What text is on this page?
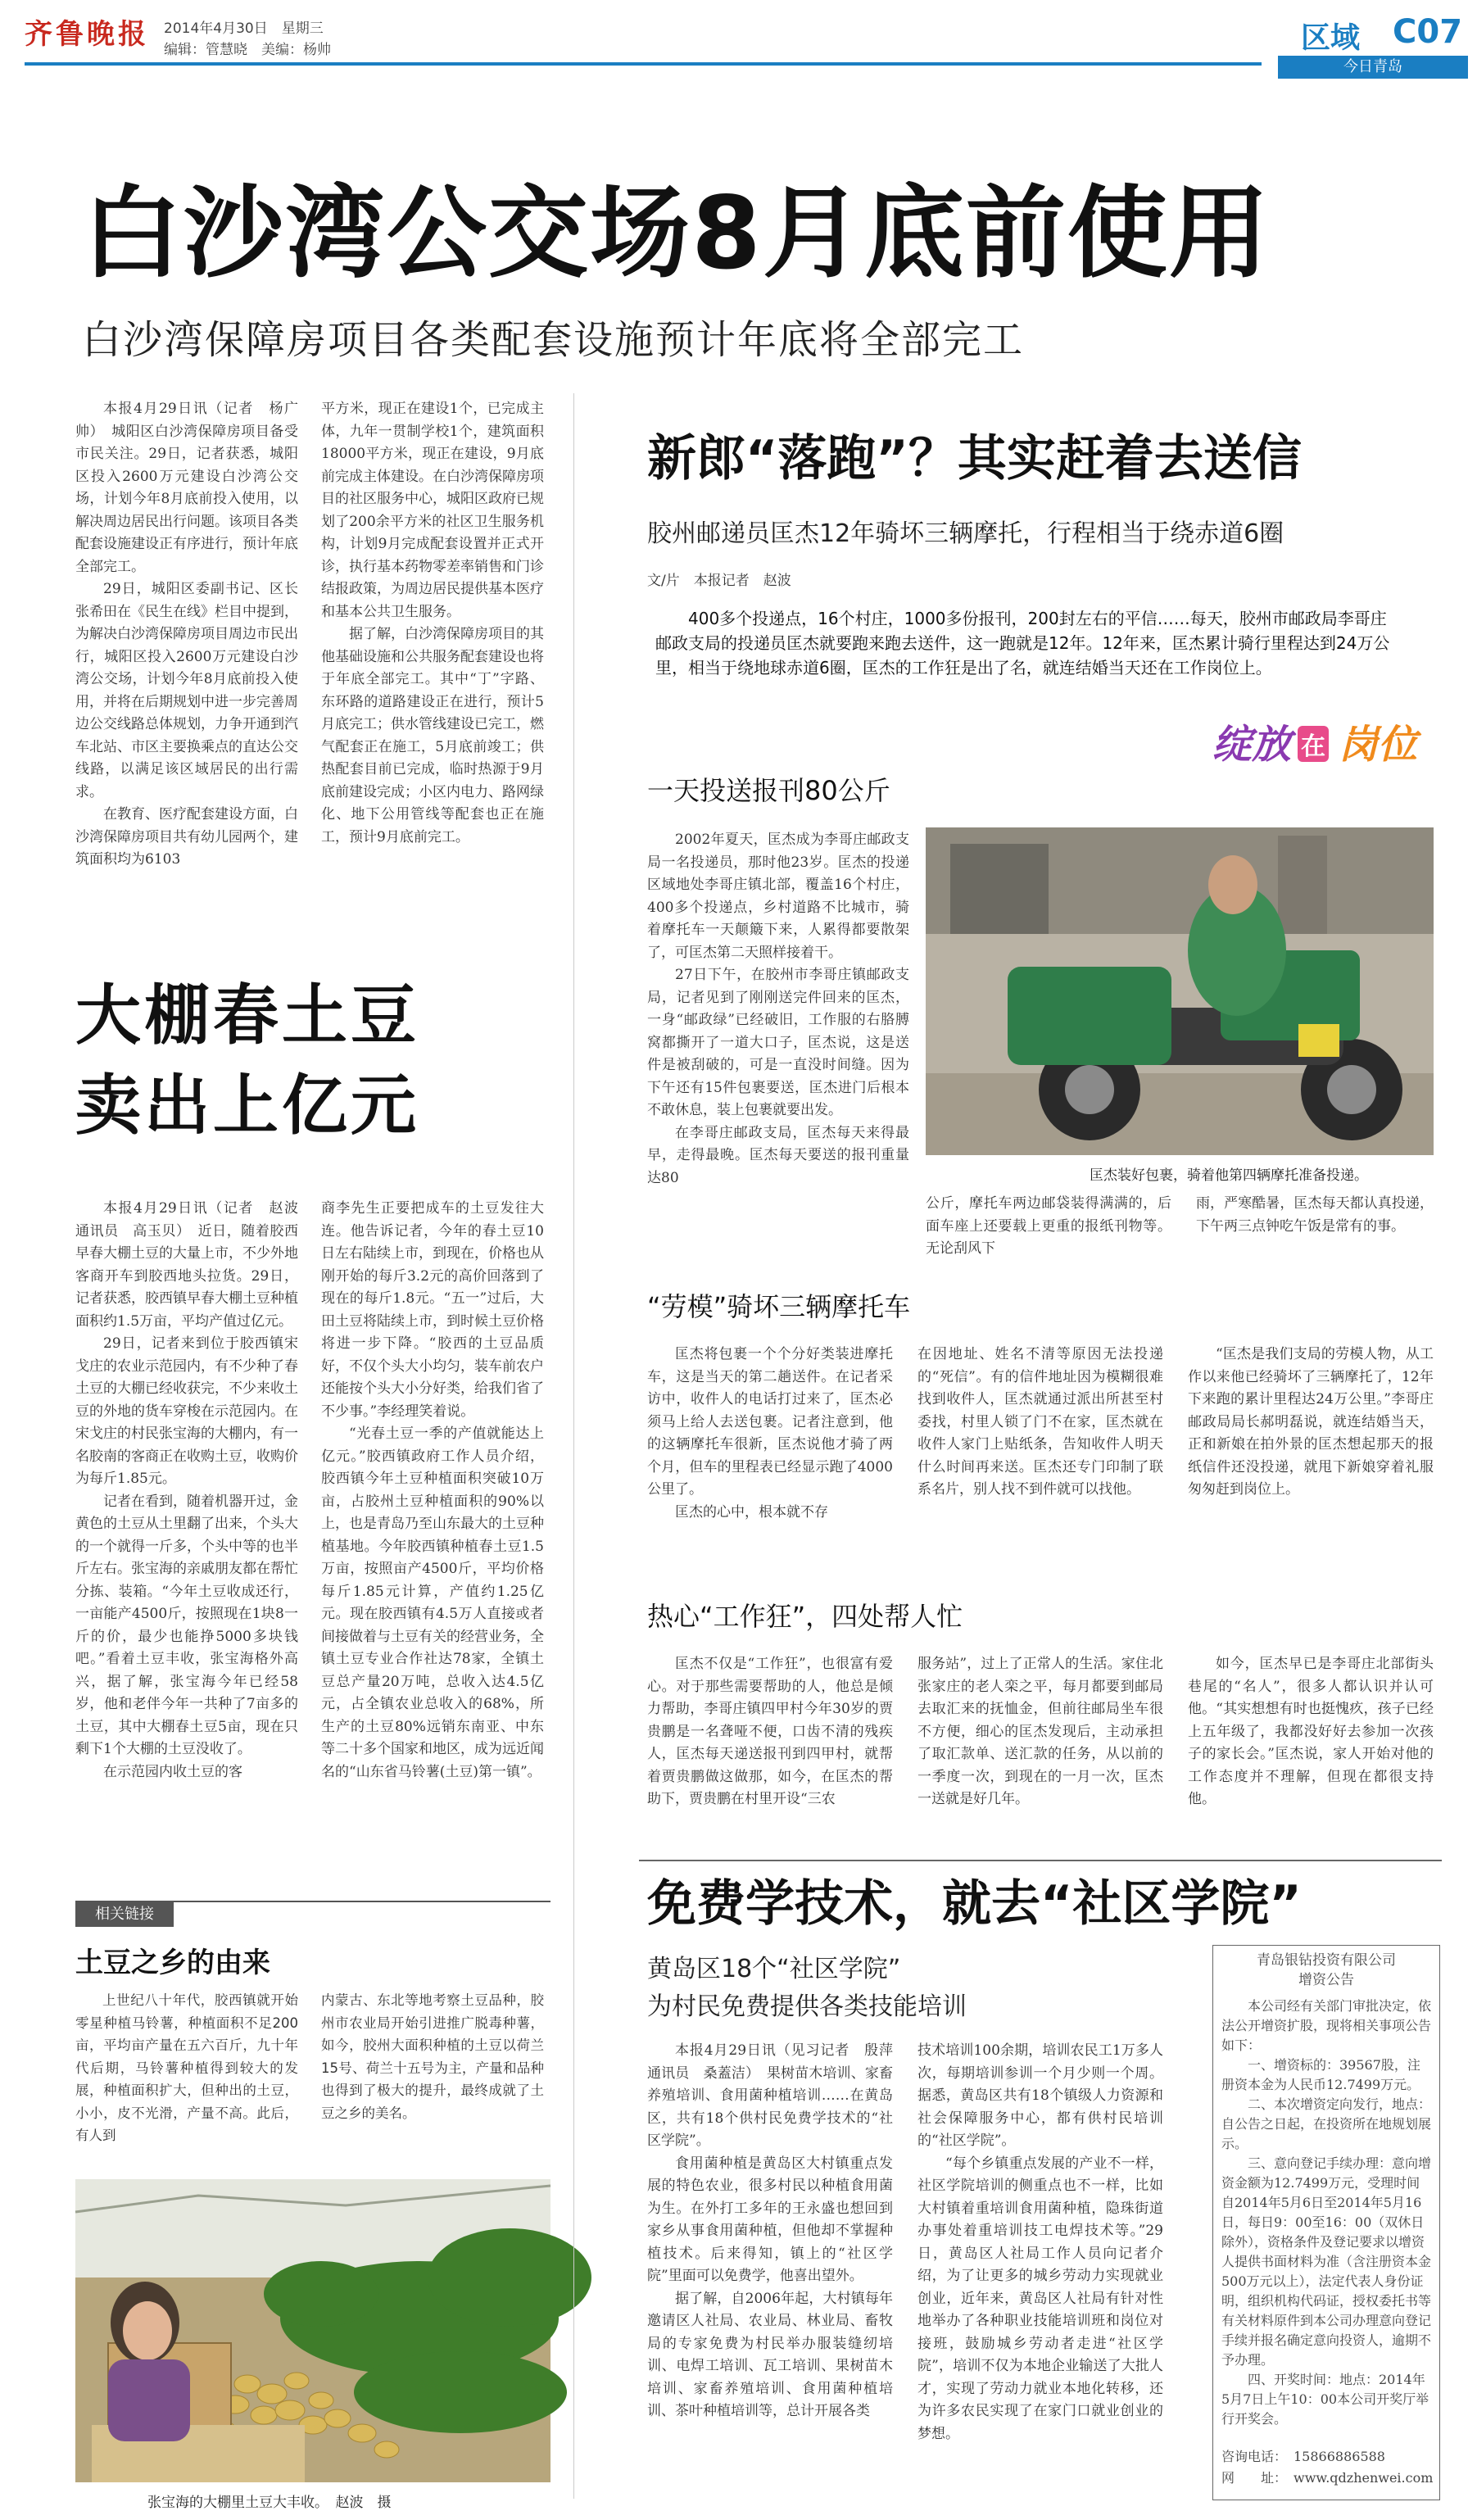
齐鲁晚报 2014年4月30日　星期三
编辑：管慧晓　美编：杨帅	区域 C07
今日青岛
白沙湾公交场8月底前使用
白沙湾保障房项目各类配套设施预计年底将全部完工

本报4月29日讯（记者　杨广帅）　城阳区白沙湾保障房项目备受市民关注。29日，记者获悉，城阳区投入2600万元建设白沙湾公交场，计划今年8月底前投入使用，以解决周边居民出行问题。该项目各类配套设施建设正有序进行，预计年底全部完工。

29日，城阳区委副书记、区长张希田在《民生在线》栏目中提到，为解决白沙湾保障房项目周边市民出行，城阳区投入2600万元建设白沙湾公交场，计划今年8月底前投入使用，并将在后期规划中进一步完善周边公交线路总体规划，力争开通到汽车北站、市区主要换乘点的直达公交线路，以满足该区域居民的出行需求。

在教育、医疗配套建设方面，白沙湾保障房项目共有幼儿园两个，建筑面积均为6103

平方米，现正在建设1个，已完成主体，九年一贯制学校1个，建筑面积18000平方米，现正在建设，9月底前完成主体建设。在白沙湾保障房项目的社区服务中心，城阳区政府已规划了200余平方米的社区卫生服务机构，计划9月完成配套设置并正式开诊，执行基本药物零差率销售和门诊结报政策，为周边居民提供基本医疗和基本公共卫生服务。

据了解，白沙湾保障房项目的其他基础设施和公共服务配套建设也将于年底全部完工。其中“丁”字路、东环路的道路建设正在进行，预计5月底完工；供水管线建设已完工，燃气配套正在施工，5月底前竣工；供热配套目前已完成，临时热源于9月底前建设完成；小区内电力、路网绿化、地下公用管线等配套也正在施工，预计9月底前完工。

大棚春土豆
卖出上亿元

本报4月29日讯（记者　赵波　通讯员　高玉贝）　近日，随着胶西早春大棚土豆的大量上市，不少外地客商开车到胶西地头拉货。29日，记者获悉，胶西镇早春大棚土豆种植面积约1.5万亩，平均产值过亿元。

29日，记者来到位于胶西镇宋戈庄的农业示范园内，有不少种了春土豆的大棚已经收获完，不少来收土豆的外地的货车穿梭在示范园内。在宋戈庄的村民张宝海的大棚内，有一名胶南的客商正在收购土豆，收购价为每斤1.85元。

记者在看到，随着机器开过，金黄色的土豆从土里翻了出来，个头大的一个就得一斤多，个头中等的也半斤左右。张宝海的亲戚朋友都在帮忙分拣、装箱。“今年土豆收成还行，一亩能产4500斤，按照现在1块8一斤的价，最少也能挣5000多块钱吧。”看着土豆丰收，张宝海格外高兴，据了解，张宝海今年已经58岁，他和老伴今年一共种了7亩多的土豆，其中大棚春土豆5亩，现在只剩下1个大棚的土豆没收了。

在示范园内收土豆的客

商李先生正要把成车的土豆发往大连。他告诉记者，今年的春土豆10日左右陆续上市，到现在，价格也从刚开始的每斤3.2元的高价回落到了现在的每斤1.8元。“五一”过后，大田土豆将陆续上市，到时候土豆价格将进一步下降。“胶西的土豆品质好，不仅个头大小均匀，装车前农户还能按个头大小分好类，给我们省了不少事。”李经理笑着说。

“光春土豆一季的产值就能达上亿元。”胶西镇政府工作人员介绍，胶西镇今年土豆种植面积突破10万亩，占胶州土豆种植面积的90%以上，也是青岛乃至山东最大的土豆种植基地。今年胶西镇种植春土豆1.5万亩，按照亩产4500斤，平均价格每斤1.85元计算，产值约1.25亿元。现在胶西镇有4.5万人直接或者间接做着与土豆有关的经营业务，全镇土豆专业合作社达78家，全镇土豆总产量20万吨，总收入达4.5亿元，占全镇农业总收入的68%，所生产的土豆80%远销东南亚、中东等二十多个国家和地区，成为远近闻名的“山东省马铃薯(土豆)第一镇”。

相关链接
土豆之乡的由来

上世纪八十年代，胶西镇就开始零星种植马铃薯，种植面积不足200亩，平均亩产量在五六百斤，九十年代后期，马铃薯种植得到较大的发展，种植面积扩大，但种出的土豆，小小，皮不光滑，产量不高。此后，有人到

内蒙古、东北等地考察土豆品种，胶州市农业局开始引进推广脱毒种薯，如今，胶州大面积种植的土豆以荷兰15号、荷兰十五号为主，产量和品种也得到了极大的提升，最终成就了土豆之乡的美名。

张宝海的大棚里土豆大丰收。　赵波　摄
新郎“落跑”？其实赶着去送信
胶州邮递员匡杰12年骑坏三辆摩托，行程相当于绕赤道6圈
文/片　本报记者　赵波
400多个投递点，16个村庄，1000多份报刊，200封左右的平信……每天，胶州市邮政局李哥庄邮政支局的投递员匡杰就要跑来跑去送件，这一跑就是12年。12年来，匡杰累计骑行里程达到24万公里，相当于绕地球赤道6圈，匡杰的工作狂是出了名，就连结婚当天还在工作岗位上。
绽放 在 岗位
一天投送报刊80公斤

2002年夏天，匡杰成为李哥庄邮政支局一名投递员，那时他23岁。匡杰的投递区域地处李哥庄镇北部，覆盖16个村庄，400多个投递点，乡村道路不比城市，骑着摩托车一天颠簸下来，人累得都要散架了，可匡杰第二天照样接着干。

27日下午，在胶州市李哥庄镇邮政支局，记者见到了刚刚送完件回来的匡杰，一身“邮政绿”已经破旧，工作服的右胳膊窝都撕开了一道大口子，匡杰说，这是送件是被刮破的，可是一直没时间缝。因为下午还有15件包裹要送，匡杰进门后根本不敢休息，装上包裹就要出发。

在李哥庄邮政支局，匡杰每天来得最早，走得最晚。匡杰每天要送的报刊重量达80	匡杰装好包裹，骑着他第四辆摩托准备投递。

公斤，摩托车两边邮袋装得满满的，后面车座上还要载上更重的报纸刊物等。无论刮风下

雨，严寒酷暑，匡杰每天都认真投递，下午两三点钟吃午饭是常有的事。

“劳模”骑坏三辆摩托车

匡杰将包裹一个个分好类装进摩托车，这是当天的第二趟送件。在记者采访中，收件人的电话打过来了，匡杰必须马上给人去送包裹。记者注意到，他的这辆摩托车很新，匡杰说他才骑了两个月，但车的里程表已经显示跑了4000公里了。

匡杰的心中，根本就不存

在因地址、姓名不清等原因无法投递的“死信”。有的信件地址因为模糊很难找到收件人，匡杰就通过派出所甚至村委找，村里人锁了门不在家，匡杰就在收件人家门上贴纸条，告知收件人明天什么时间再来送。匡杰还专门印制了联系名片，别人找不到件就可以找他。

“匡杰是我们支局的劳模人物，从工作以来他已经骑坏了三辆摩托了，12年下来跑的累计里程达24万公里。”李哥庄邮政局局长郝明磊说，就连结婚当天，正和新娘在拍外景的匡杰想起那天的报纸信件还没投递，就甩下新娘穿着礼服匆匆赶到岗位上。

热心“工作狂”，四处帮人忙

匡杰不仅是“工作狂”，也很富有爱心。对于那些需要帮助的人，他总是倾力帮助，李哥庄镇四甲村今年30岁的贾贵鹏是一名聋哑不便，口齿不清的残疾人，匡杰每天递送报刊到四甲村，就帮着贾贵鹏做这做那，如今，在匡杰的帮助下，贾贵鹏在村里开设“三农

服务站”，过上了正常人的生活。家住北张家庄的老人栾之平，每月都要到邮局去取汇来的抚恤金，但前往邮局坐车很不方便，细心的匡杰发现后，主动承担了取汇款单、送汇款的任务，从以前的一季度一次，到现在的一月一次，匡杰一送就是好几年。

如今，匡杰早已是李哥庄北部街头巷尾的“名人”，很多人都认识并认可他。“其实想想有时也挺愧疚，孩子已经上五年级了，我都没好好去参加一次孩子的家长会。”匡杰说，家人开始对他的工作态度并不理解，但现在都很支持他。

免费学技术，就去“社区学院”
黄岛区18个“社区学院”
为村民免费提供各类技能培训

本报4月29日讯（见习记者　殷萍　通讯员　桑蓋洁）　果树苗木培训、家畜养殖培训、食用菌种植培训……在黄岛区，共有18个供村民免费学技术的“社区学院”。

食用菌种植是黄岛区大村镇重点发展的特色农业，很多村民以种植食用菌为生。在外打工多年的王永盛也想回到家乡从事食用菌种植，但他却不掌握种植技术。后来得知，镇上的“社区学院”里面可以免费学，他喜出望外。

据了解，自2006年起，大村镇每年邀请区人社局、农业局、林业局、畜牧局的专家免费为村民举办服装缝纫培训、电焊工培训、瓦工培训、果树苗木培训、家畜养殖培训、食用菌种植培训、茶叶种植培训等，总计开展各类

技术培训100余期，培训农民工1万多人次，每期培训参训一个月少则一个周。据悉，黄岛区共有18个镇级人力资源和社会保障服务中心，都有供村民培训的“社区学院”。

“每个乡镇重点发展的产业不一样，社区学院培训的侧重点也不一样，比如大村镇着重培训食用菌种植，隐珠街道办事处着重培训技工电焊技术等。”29日，黄岛区人社局工作人员向记者介绍，为了让更多的城乡劳动力实现就业创业，近年来，黄岛区人社局有针对性地举办了各种职业技能培训班和岗位对接班，鼓励城乡劳动者走进“社区学院”，培训不仅为本地企业输送了大批人才，实现了劳动力就业本地化转移，还为许多农民实现了在家门口就业创业的梦想。

青岛银钻投资有限公司
增资公告

本公司经有关部门审批决定，依法公开增资扩股，现将相关事项公告如下：

一、增资标的：39567股，注册资本金为人民币12.7499万元。

二、本次增资定向发行，地点：自公告之日起，在投资所在地规划展示。

三、意向登记手续办理：意向增资金额为12.7499万元，受理时间自2014年5月6日至2014年5月16日，每日9：00至16：00（双休日除外），资格条件及登记要求以增资人提供书面材料为准（含注册资本金500万元以上），法定代表人身份证明，组织机构代码证，授权委托书等有关材料原件到本公司办理意向登记手续并报名确定意向投资人，逾期不予办理。

四、开奖时间：地点：2014年5月7日上午10：00本公司开奖厅举行开奖会。

咨询电话：　15866886588
网　　址：　www.qdzhenwei.com
